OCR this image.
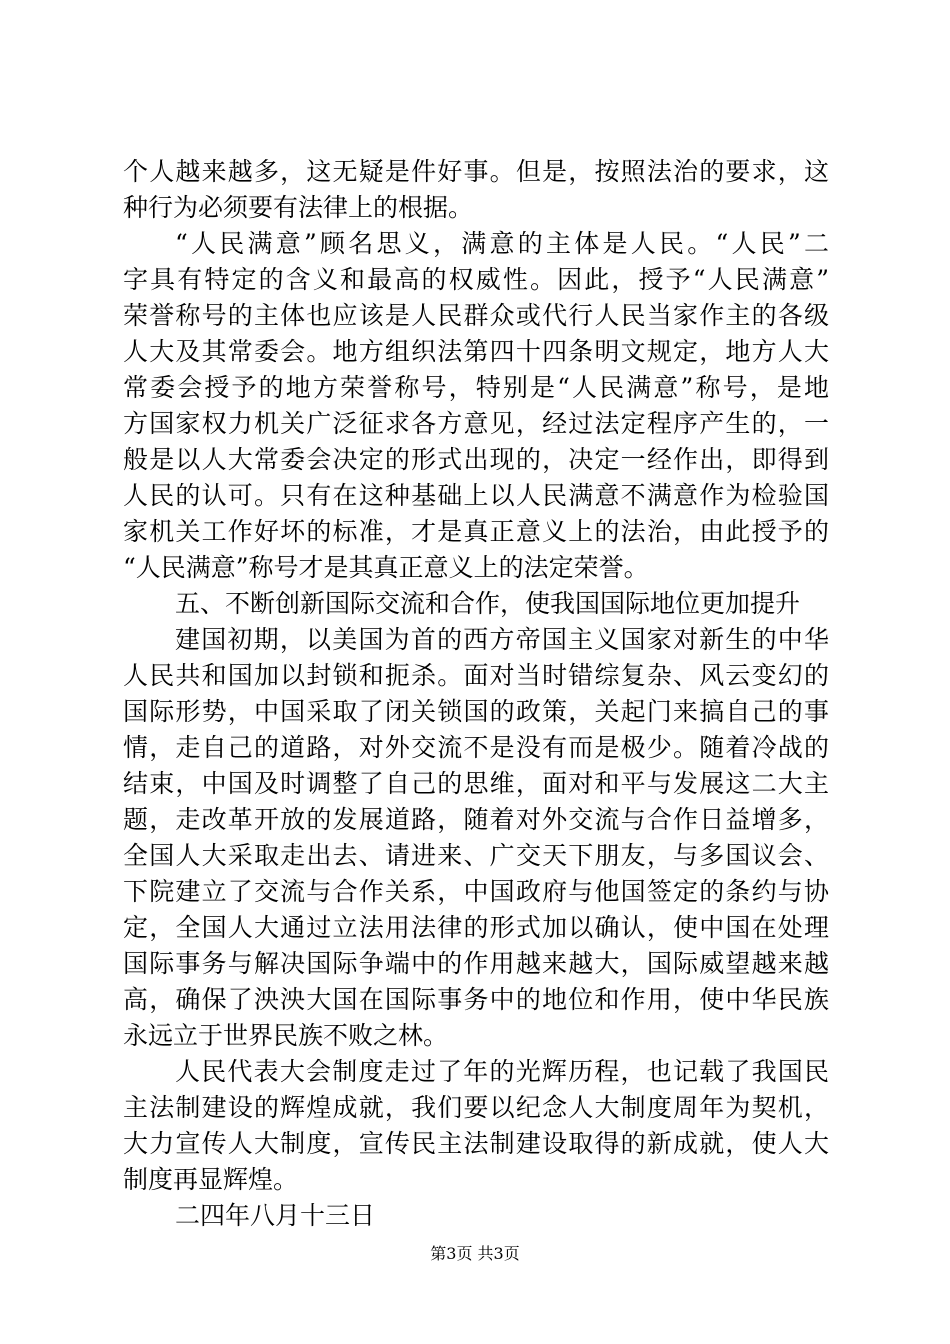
个人越来越多，这无疑是件好事。但是，按照法治的要求，这
种行为必须要有法律上的根据。
“人民满意”顾名思义，满意的主体是人民。“人民”二
字具有特定的含义和最高的权威性。因此，授予“人民满意”
荣誉称号的主体也应该是人民群众或代行人民当家作主的各级
人大及其常委会。地方组织法第四十四条明文规定，地方人大
常委会授予的地方荣誉称号，特别是“人民满意”称号，是地
方国家权力机关广泛征求各方意见，经过法定程序产生的，一
般是以人大常委会决定的形式出现的，决定一经作出，即得到
人民的认可。只有在这种基础上以人民满意不满意作为检验国
家机关工作好坏的标准，才是真正意义上的法治，由此授予的
“人民满意”称号才是其真正意义上的法定荣誉。
五、不断创新国际交流和合作，使我国国际地位更加提升
建国初期，以美国为首的西方帝国主义国家对新生的中华
人民共和国加以封锁和扼杀。面对当时错综复杂、风云变幻的
国际形势，中国采取了闭关锁国的政策，关起门来搞自己的事
情，走自己的道路，对外交流不是没有而是极少。随着冷战的
结束，中国及时调整了自己的思维，面对和平与发展这二大主
题，走改革开放的发展道路，随着对外交流与合作日益增多，
全国人大采取走出去、请进来、广交天下朋友，与多国议会、
下院建立了交流与合作关系，中国政府与他国签定的条约与协
定，全国人大通过立法用法律的形式加以确认，使中国在处理
国际事务与解决国际争端中的作用越来越大，国际威望越来越
高，确保了泱泱大国在国际事务中的地位和作用，使中华民族
永远立于世界民族不败之林。
人民代表大会制度走过了年的光辉历程，也记载了我国民
主法制建设的辉煌成就，我们要以纪念人大制度周年为契机，
大力宣传人大制度，宣传民主法制建设取得的新成就，使人大
制度再显辉煌。
二四年八月十三日
第3页 共3页
